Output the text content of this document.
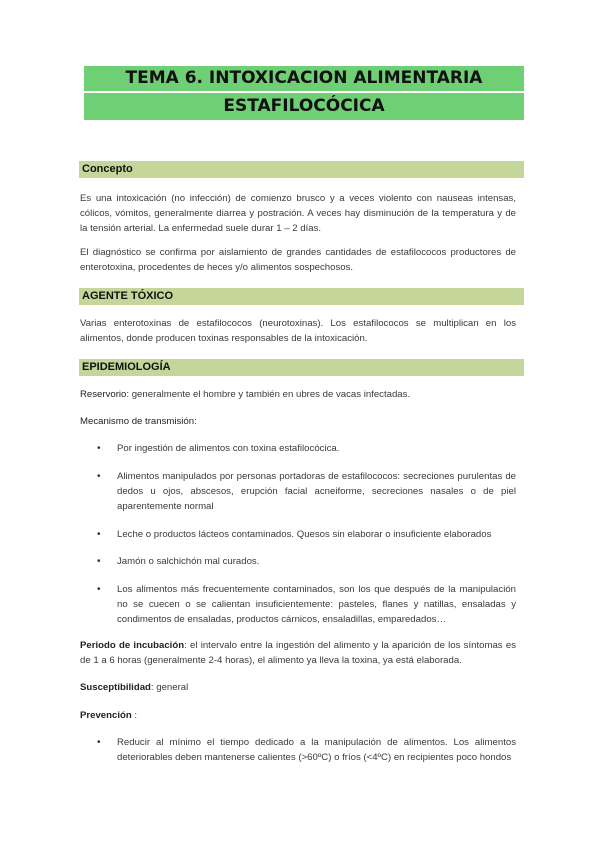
TEMA 6. INTOXICACION ALIMENTARIA
ESTAFILOCÓCICA
Concepto

Es una intoxicación (no infección) de comienzo brusco y a veces violento con nauseas intensas, cólicos, vómitos, generalmente diarrea y postración. A veces hay disminución de la temperatura y de la tensión arterial. La enfermedad suele durar 1 – 2 días.

El diagnóstico se confirma por aislamiento de grandes cantidades de estafilococos productores de enterotoxina, procedentes de heces y/o alimentos sospechosos.

AGENTE TÓXICO

Varias enterotoxinas de estafilococos (neurotoxinas). Los estafilococos se multiplican en los alimentos, donde producen toxinas responsables de la intoxicación.

EPIDEMIOLOGÍA

Reservorio: generalmente el hombre y también en ubres de vacas infectadas.

Mecanismo de transmisión:

• Por ingestión de alimentos con toxina estafilocócica.

• Alimentos manipulados por personas portadoras de estafilococos: secreciones purulentas de dedos u ojos, abscesos, erupción facial acneiforme, secreciones nasales o de piel aparentemente normal

• Leche o productos lácteos contaminados. Quesos sin elaborar o insuficiente elaborados

• Jamón o salchichón mal curados.

• Los alimentos más frecuentemente contaminados, son los que después de la manipulación no se cuecen o se calientan insuficientemente: pasteles, flanes y natillas, ensaladas y condimentos de ensaladas, productos cárnicos, ensaladillas, emparedados…

Periodo de incubación: el intervalo entre la ingestión del alimento y la aparición de los síntomas es de 1 a 6 horas (generalmente 2-4 horas), el alimento ya lleva la toxina, ya está elaborada.

Susceptibilidad: general

Prevención :

• Reducir al mínimo el tiempo dedicado a la manipulación de alimentos. Los alimentos deteriorables deben mantenerse calientes (>60ºC) o fríos (<4ºC) en recipientes poco hondos
